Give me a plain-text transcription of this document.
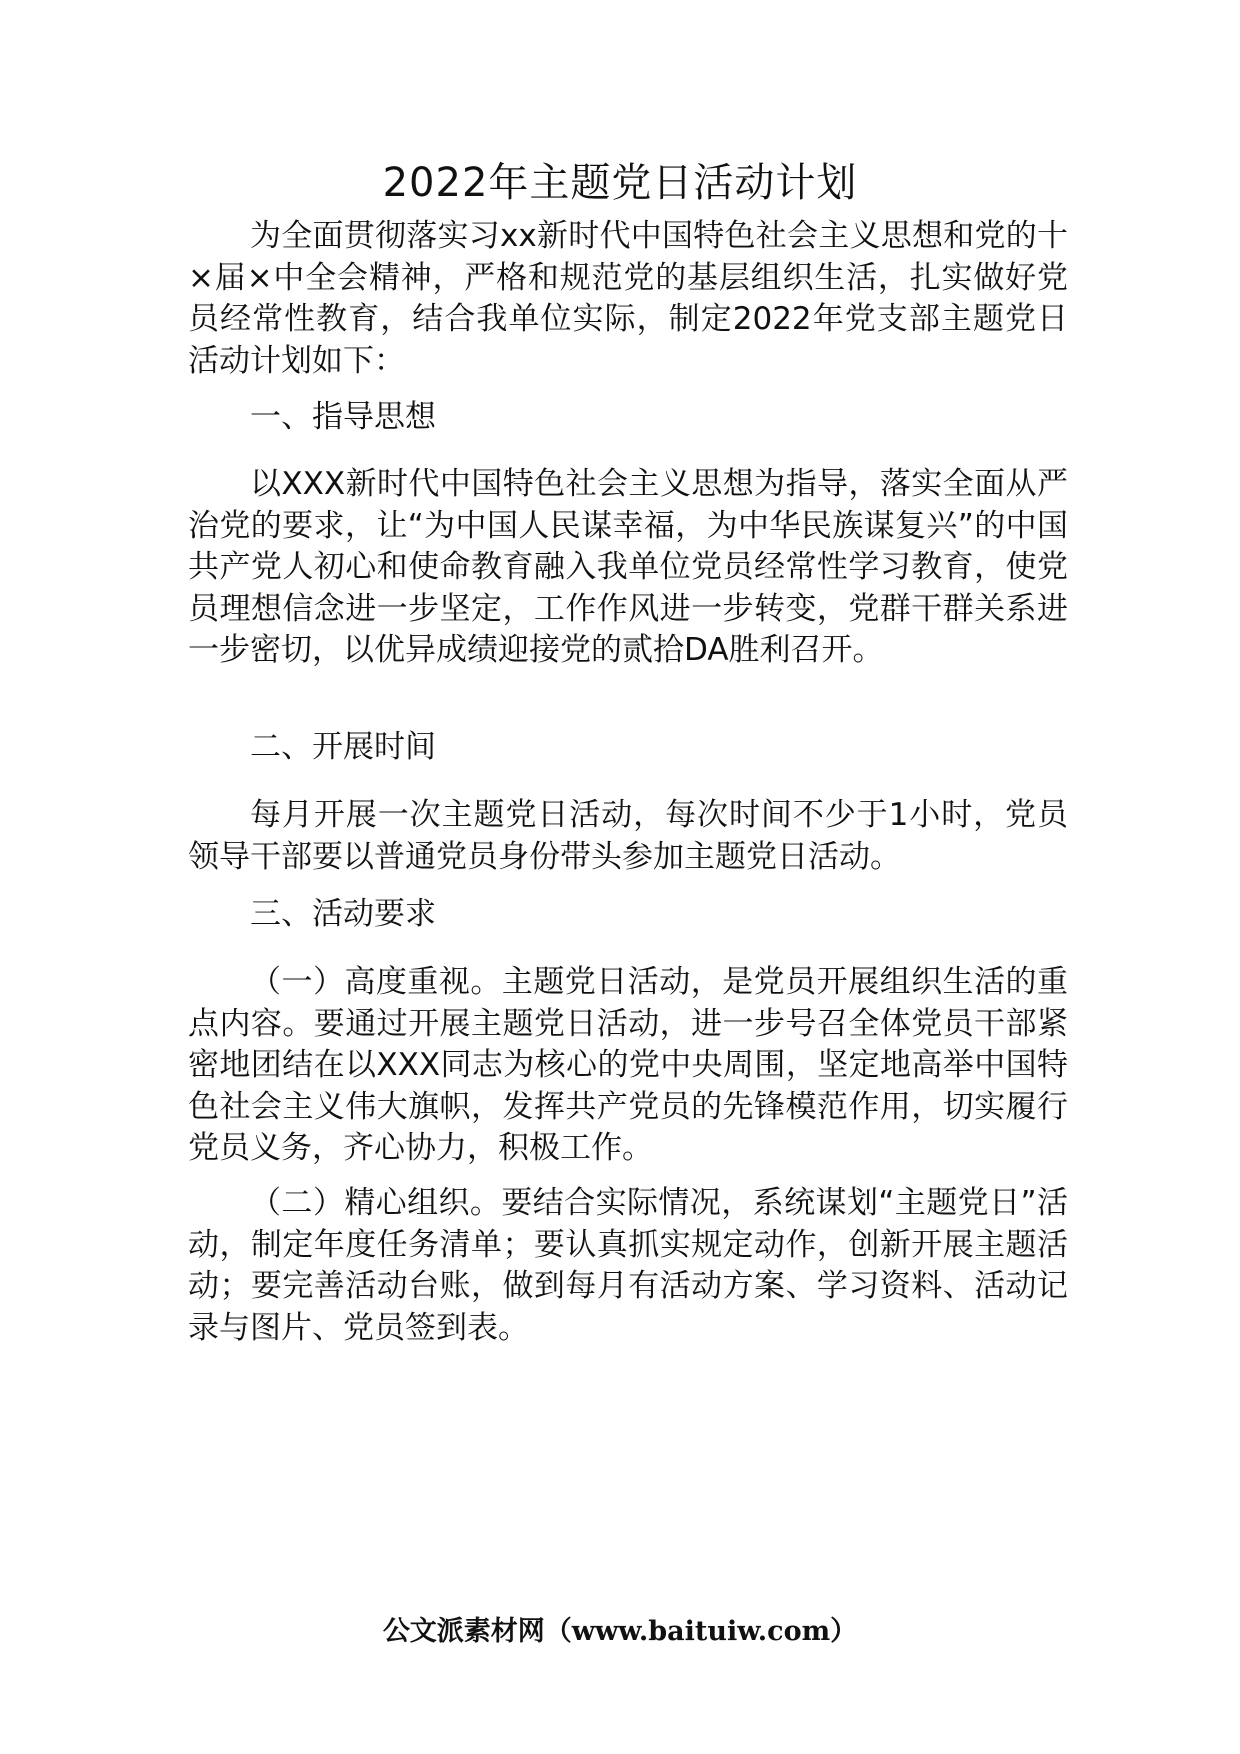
2022年主题党日活动计划

为全面贯彻落实习xx新时代中国特色社会主义思想和党的十×届×中全会精神，严格和规范党的基层组织生活，扎实做好党员经常性教育，结合我单位实际，制定2022年党支部主题党日活动计划如下：

一、指导思想

以XXX新时代中国特色社会主义思想为指导，落实全面从严治党的要求，让“为中国人民谋幸福，为中华民族谋复兴”的中国共产党人初心和使命教育融入我单位党员经常性学习教育，使党员理想信念进一步坚定，工作作风进一步转变，党群干群关系进一步密切，以优异成绩迎接党的贰拾DA胜利召开。

二、开展时间

每月开展一次主题党日活动，每次时间不少于1小时，党员领导干部要以普通党员身份带头参加主题党日活动。

三、活动要求

（一）高度重视。主题党日活动，是党员开展组织生活的重点内容。要通过开展主题党日活动，进一步号召全体党员干部紧密地团结在以XXX同志为核心的党中央周围，坚定地高举中国特色社会主义伟大旗帜，发挥共产党员的先锋模范作用，切实履行党员义务，齐心协力，积极工作。

（二）精心组织。要结合实际情况，系统谋划“主题党日”活动，制定年度任务清单；要认真抓实规定动作，创新开展主题活动；要完善活动台账，做到每月有活动方案、学习资料、活动记录与图片、党员签到表。

公文派素材网（www.baituiw.com）
